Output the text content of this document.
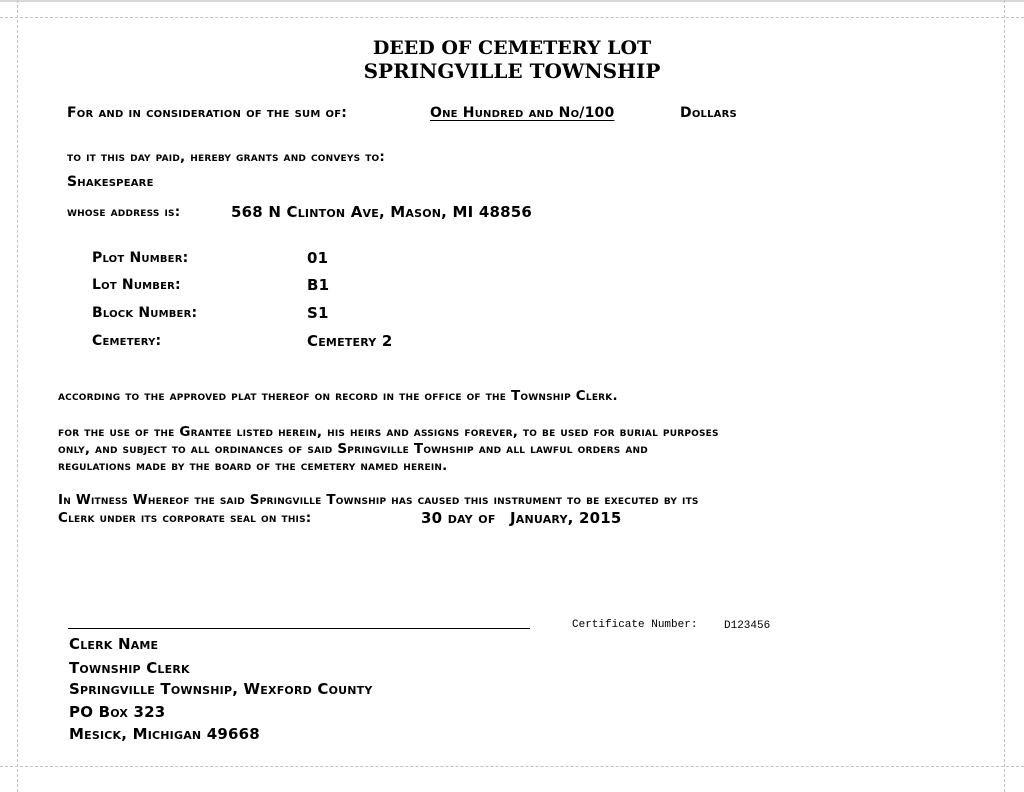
DEED OF CEMETERY LOT

SPRINGVILLE TOWNSHIP

For and in consideration of the sum of:	One Hundred and No/100	Dollars

to it this day paid, hereby grants and conveys to:

Shakespeare

whose address is:	568 N Clinton Ave, Mason, MI 48856

Plot Number:	01

Lot Number:	B1

Block Number:	S1

Cemetery:	Cemetery 2

according to the approved plat thereof on record in the office of the Township Clerk.

for the use of the Grantee listed herein, his heirs and assigns forever, to be used for burial purposes

only, and subject to all ordinances of said Springville Towhship and all lawful orders and

regulations made by the board of the cemetery named herein.

In Witness Whereof the said Springville Township has caused this instrument to be executed by its

Clerk under its corporate seal on this:	30 day of January, 2015

Certificate Number: D123456

Clerk Name

Township Clerk

Springville Township, Wexford County

PO Box 323

Mesick, Michigan 49668
